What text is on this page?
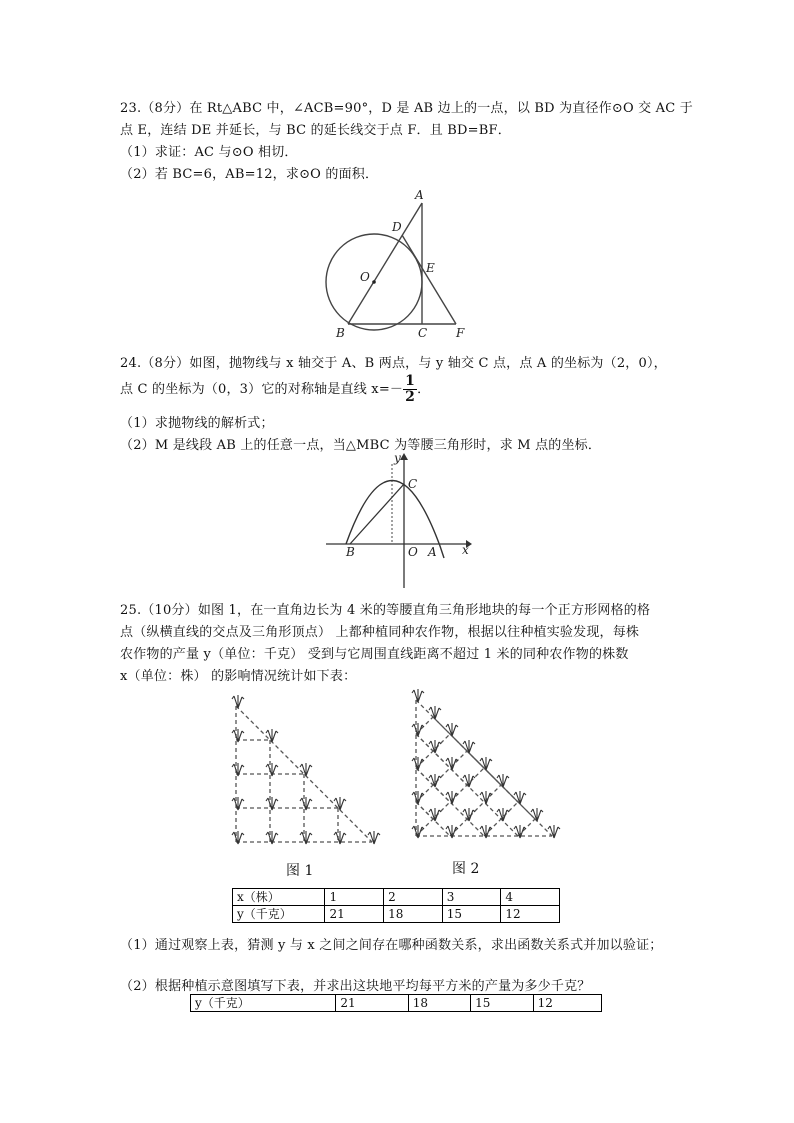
23.（8分）在 Rt△ABC 中，∠ACB=90°，D 是 AB 边上的一点，以 BD 为直径作⊙O 交 AC 于
点 E，连结 DE 并延长，与 BC 的延长线交于点 F．且 BD=BF．
（1）求证：AC 与⊙O 相切．
（2）若 BC=6，AB=12，求⊙O 的面积．
A
D
O
E
B	C F
24.（8分）如图，抛物线与 x 轴交于 A、B 两点，与 y 轴交 C 点，点 A 的坐标为（2，0），
点 C 的坐标为（0，3）它的对称轴是直线 $x=- \frac{1}{2}$ ．
（1）求抛物线的解析式；
（2）M 是线段 AB 上的任意一点，当△MBC 为等腰三角形时，求 M 点的坐标．
y
x
C
B	O A
25.（10分）如图 1，在一直角边长为 4 米的等腰直角三角形地块的每一个正方形网格的格
点（纵横直线的交点及三角形顶点） 上都种植同种农作物，根据以往种植实验发现，每株
农作物的产量 y（单位：千克） 受到与它周围直线距离不超过 1 米的同种农作物的株数
x（单位：株） 的影响情况统计如下表：
图 1	图 2
x（株）	1	2	3	4
y（千克）	21	18	15	12
（1）通过观察上表，猜测 y 与 x 之间之间存在哪种函数关系，求出函数关系式并加以验证；
（2）根据种植示意图填写下表，并求出这块地平均每平方米的产量为多少千克？
y（千克）	21	18	15	12
